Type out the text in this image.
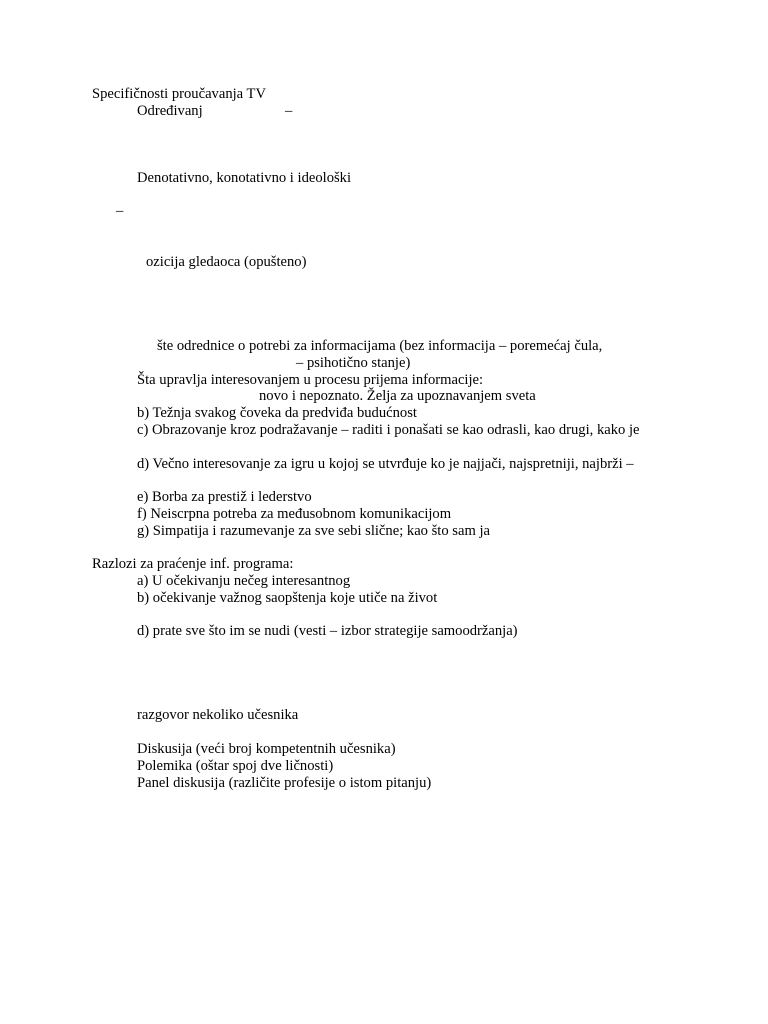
Specifičnosti proučavanja TV
Određivanj	–
Denotativno, konotativno i ideološki
–
ozicija gledaoca (opušteno)
šte odrednice o potrebi za informacijama (bez informacija – poremećaj čula,
– psihotično stanje)
Šta upravlja interesovanjem u procesu prijema informacije:
novo i nepoznato. Želja za upoznavanjem sveta
b) Težnja svakog čoveka da predviđa budućnost
c) Obrazovanje kroz podražavanje – raditi i ponašati se kao odrasli, kao drugi, kako je
d) Večno interesovanje za igru u kojoj se utvrđuje ko je najjači, najspretniji, najbrži –
e) Borba za prestiž i lederstvo
f) Neiscrpna potreba za međusobnom komunikacijom
g) Simpatija i razumevanje za sve sebi slične; kao što sam ja
Razlozi za praćenje inf. programa:
a) U očekivanju nečeg interesantnog
b) očekivanje važnog saopštenja koje utiče na život
d) prate sve što im se nudi (vesti – izbor strategije samoodržanja)
razgovor nekoliko učesnika
Diskusija (veći broj kompetentnih učesnika)
Polemika (oštar spoj dve ličnosti)
Panel diskusija (različite profesije o istom pitanju)
